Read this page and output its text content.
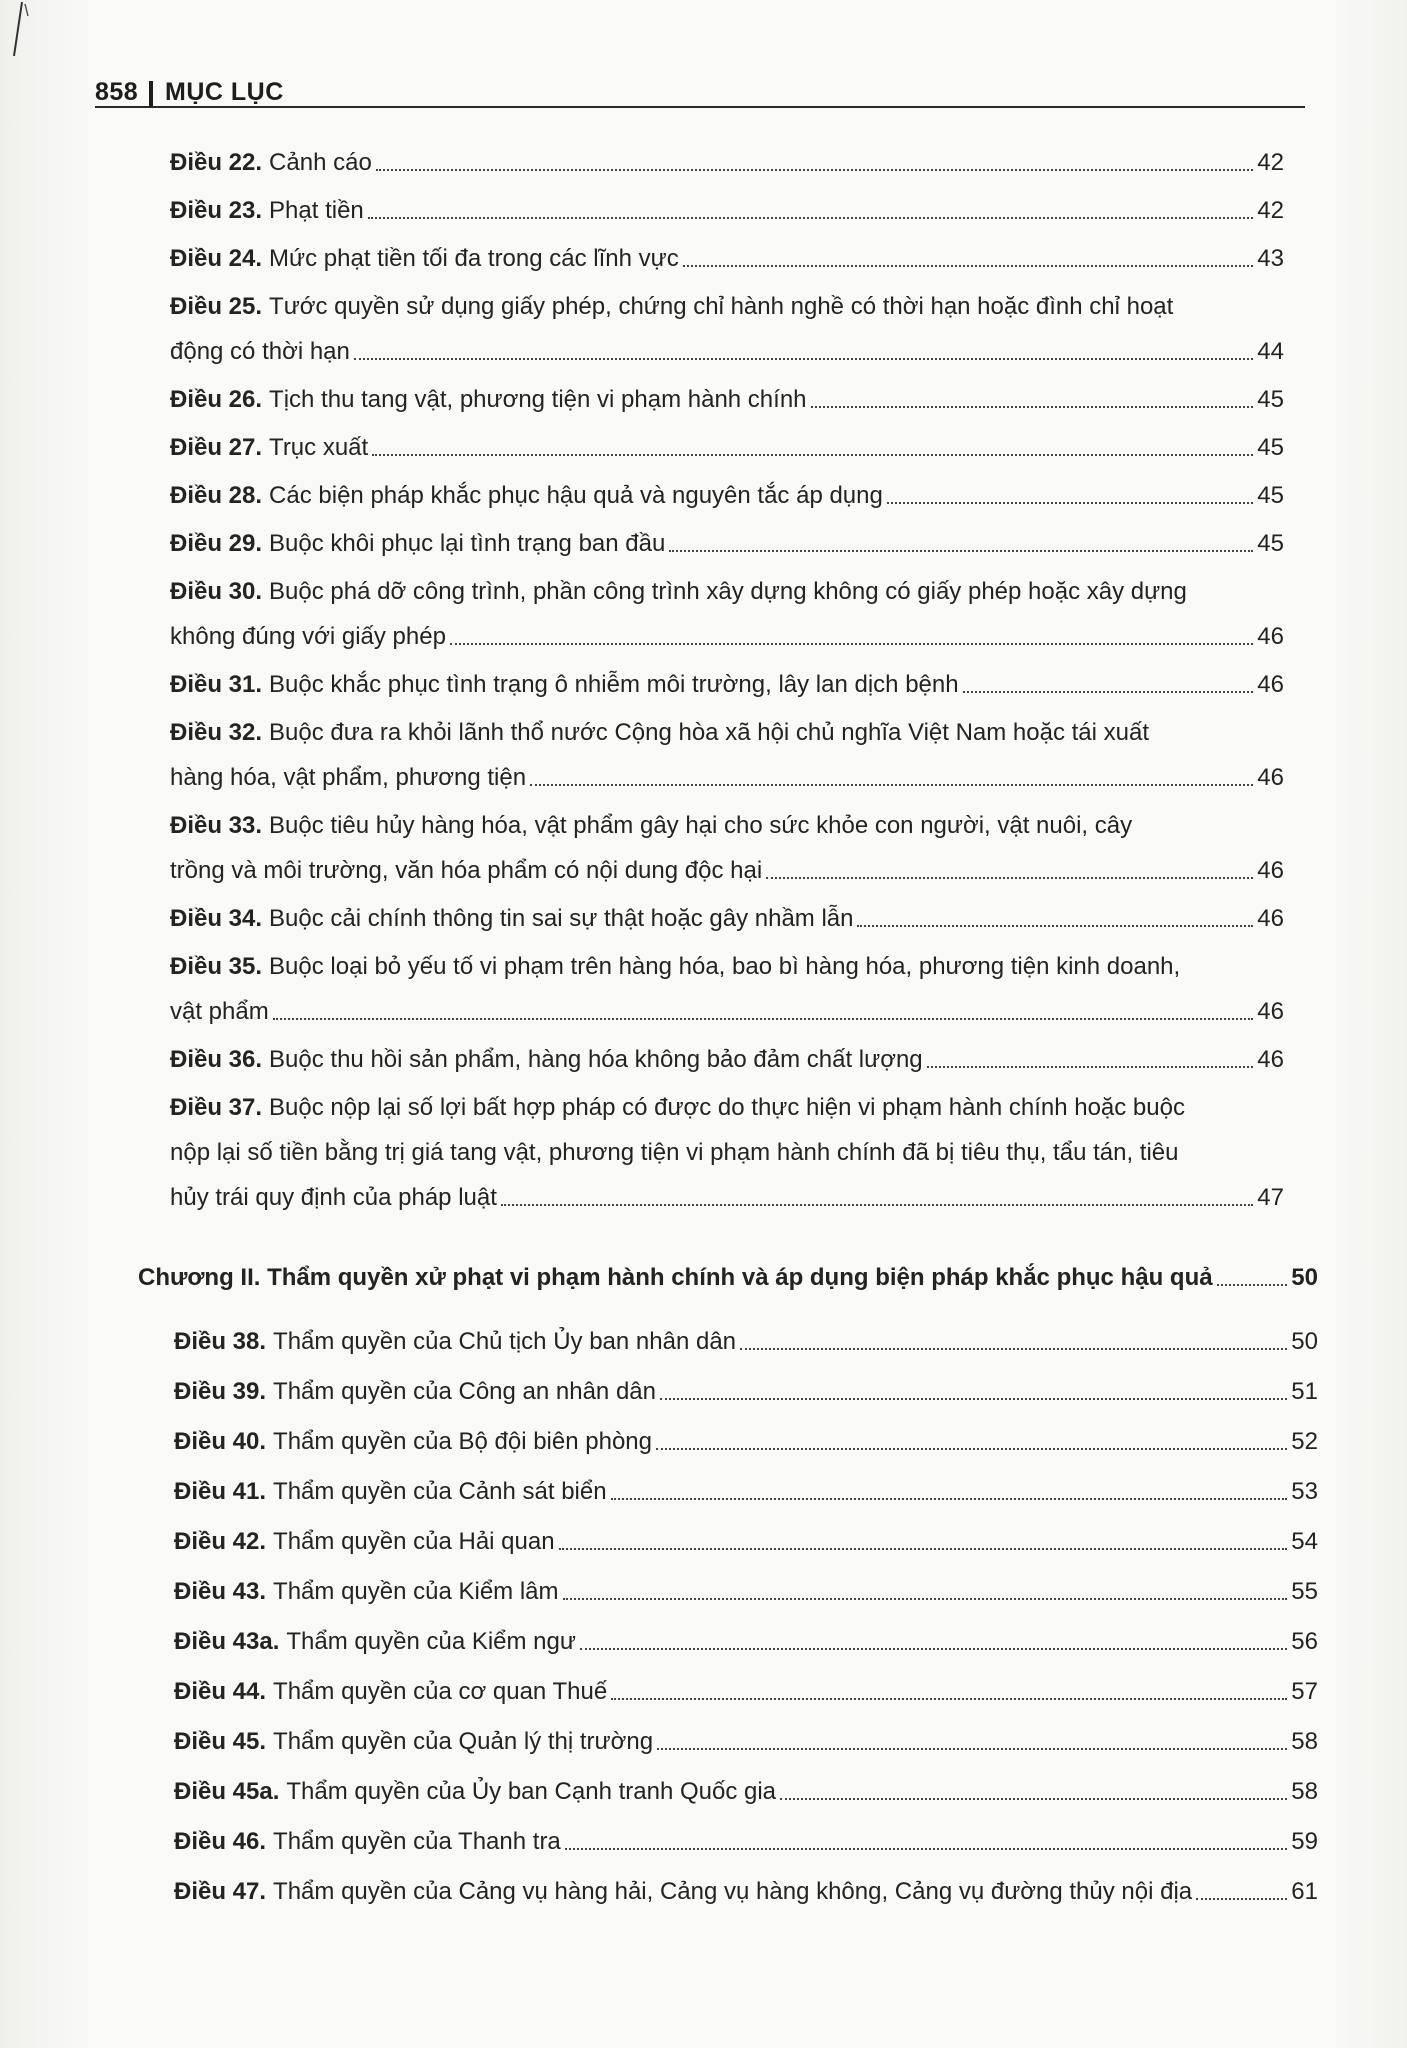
858 MỤC LỤC
Điều 22. Cảnh cáo	42
Điều 23. Phạt tiền	42
Điều 24. Mức phạt tiền tối đa trong các lĩnh vực	43
Điều 25. Tước quyền sử dụng giấy phép, chứng chỉ hành nghề có thời hạn hoặc đình chỉ hoạt
động có thời hạn	44
Điều 26. Tịch thu tang vật, phương tiện vi phạm hành chính	45
Điều 27. Trục xuất	45
Điều 28. Các biện pháp khắc phục hậu quả và nguyên tắc áp dụng	45
Điều 29. Buộc khôi phục lại tình trạng ban đầu	45
Điều 30. Buộc phá dỡ công trình, phần công trình xây dựng không có giấy phép hoặc xây dựng
không đúng với giấy phép	46
Điều 31. Buộc khắc phục tình trạng ô nhiễm môi trường, lây lan dịch bệnh	46
Điều 32. Buộc đưa ra khỏi lãnh thổ nước Cộng hòa xã hội chủ nghĩa Việt Nam hoặc tái xuất
hàng hóa, vật phẩm, phương tiện	46
Điều 33. Buộc tiêu hủy hàng hóa, vật phẩm gây hại cho sức khỏe con người, vật nuôi, cây
trồng và môi trường, văn hóa phẩm có nội dung độc hại	46
Điều 34. Buộc cải chính thông tin sai sự thật hoặc gây nhầm lẫn	46
Điều 35. Buộc loại bỏ yếu tố vi phạm trên hàng hóa, bao bì hàng hóa, phương tiện kinh doanh,
vật phẩm	46
Điều 36. Buộc thu hồi sản phẩm, hàng hóa không bảo đảm chất lượng	46
Điều 37. Buộc nộp lại số lợi bất hợp pháp có được do thực hiện vi phạm hành chính hoặc buộc
nộp lại số tiền bằng trị giá tang vật, phương tiện vi phạm hành chính đã bị tiêu thụ, tẩu tán, tiêu
hủy trái quy định của pháp luật	47
Chương II. Thẩm quyền xử phạt vi phạm hành chính và áp dụng biện pháp khắc phục hậu quả	50
Điều 38. Thẩm quyền của Chủ tịch Ủy ban nhân dân	50
Điều 39. Thẩm quyền của Công an nhân dân	51
Điều 40. Thẩm quyền của Bộ đội biên phòng	52
Điều 41. Thẩm quyền của Cảnh sát biển	53
Điều 42. Thẩm quyền của Hải quan	54
Điều 43. Thẩm quyền của Kiểm lâm	55
Điều 43a. Thẩm quyền của Kiểm ngư	56
Điều 44. Thẩm quyền của cơ quan Thuế	57
Điều 45. Thẩm quyền của Quản lý thị trường	58
Điều 45a. Thẩm quyền của Ủy ban Cạnh tranh Quốc gia	58
Điều 46. Thẩm quyền của Thanh tra	59
Điều 47. Thẩm quyền của Cảng vụ hàng hải, Cảng vụ hàng không, Cảng vụ đường thủy nội địa	61
